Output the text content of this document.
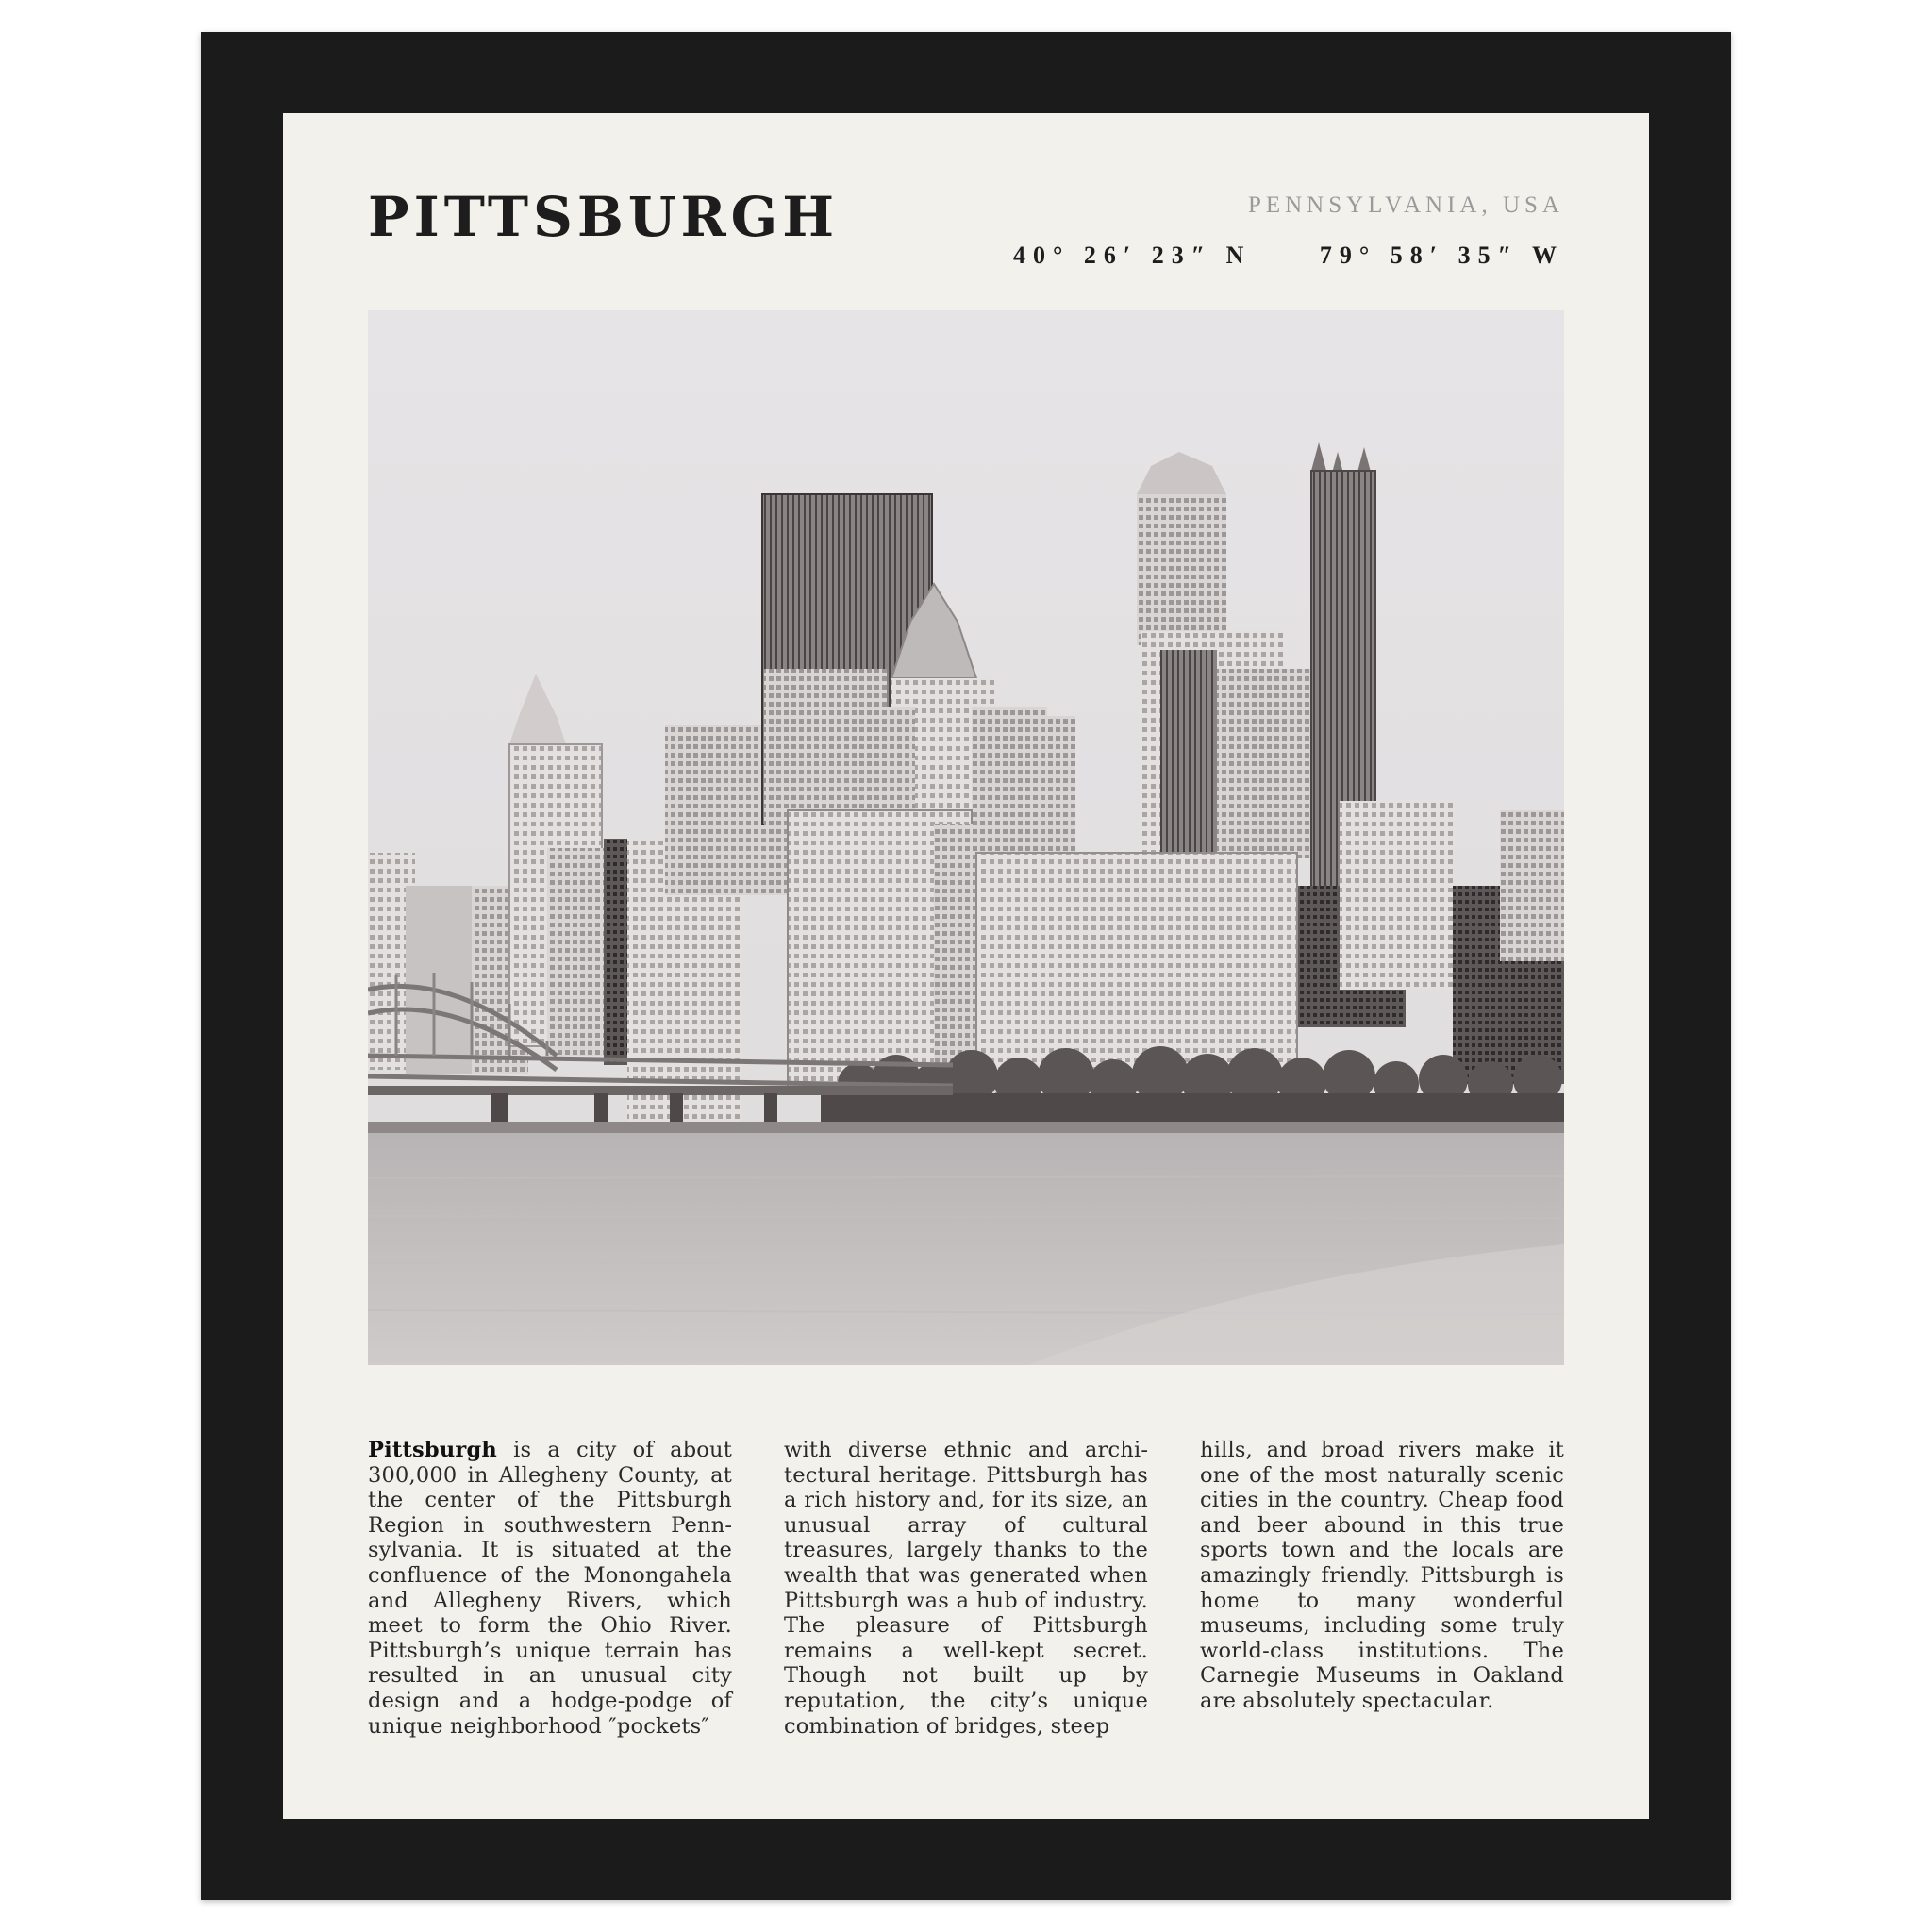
PITTSBURGH	PENNSYLVANIA, USA
40° 26′ 23″ N	79° 58′ 35″ W

Pittsburgh is a city of about 300,000 in Allegheny County, at the center of the Pittsburgh Region in southwestern Pennsylvania. It is situated at the confluence of the Monongahela and Allegheny Rivers, which meet to form the Ohio River. Pittsburgh’s unique terrain has resulted in an unusual city design and a hodge-podge of unique neighborhood ″pockets″

with diverse ethnic and architectural heritage. Pittsburgh has a rich history and, for its size, an unusual array of cultural treasures, largely thanks to the wealth that was generated when Pittsburgh was a hub of industry. The pleasure of Pittsburgh remains a well-kept secret. Though not built up by reputation, the city’s unique combination of bridges, steep

hills, and broad rivers make it one of the most naturally scenic cities in the country. Cheap food and beer abound in this true sports town and the locals are amazingly friendly. Pittsburgh is home to many wonderful museums, including some truly world-class institutions. The Carnegie Museums in Oakland are absolutely spectacular.
